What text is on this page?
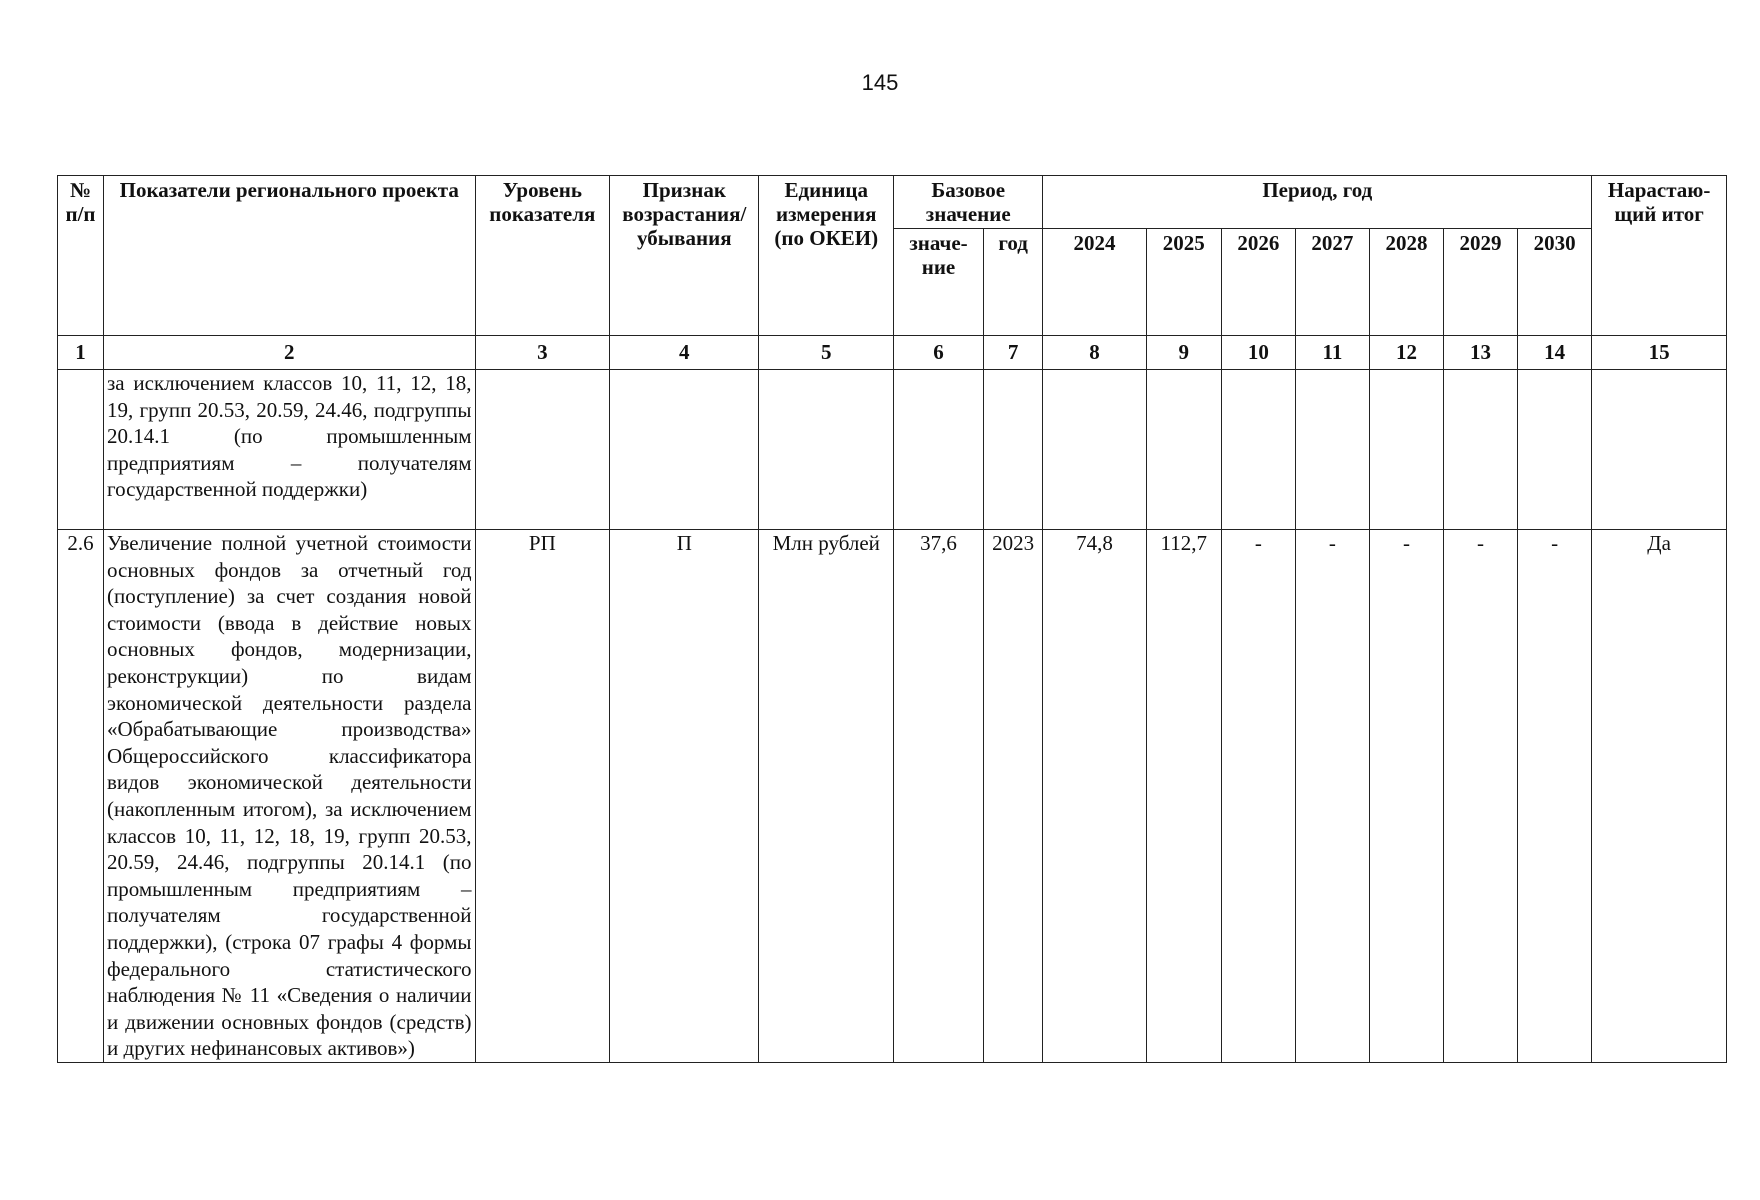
145
№ п/п	Показатели регионального проекта	Уровень показателя	Признак возрастания/ убывания	Единица измерения (по ОКЕИ)	Базовое значение		Период, год							Нарастаю-щий итог
					значе-ние	год	2024	2025	2026	2027	2028	2029	2030	
1	2	3	4	5	6	7	8	9	10	11	12	13	14	15
	за исключением классов 10, 11, 12, 18, 19, групп 20.53, 20.59, 24.46, подгруппы 20.14.1 (по промышленным предприятиям – получателям государственной поддержки)													
2.6	Увеличение полной учетной стоимости основных фондов за отчетный год (поступление) за счет создания новой стоимости (ввода в действие новых основных фондов, модернизации, реконструкции) по видам экономической деятельности раздела «Обрабатывающие производства» Общероссийского классификатора видов экономической деятельности (накопленным итогом), за исключением классов 10, 11, 12, 18, 19, групп 20.53, 20.59, 24.46, подгруппы 20.14.1 (по промышленным предприятиям – получателям государственной поддержки), (строка 07 графы 4 формы федерального статистического наблюдения № 11 «Сведения о наличии и движении основных фондов (средств) и других нефинансовых активов»)	РП	П	Млн рублей	37,6	2023	74,8	112,7	-	-	-	-	-	Да
